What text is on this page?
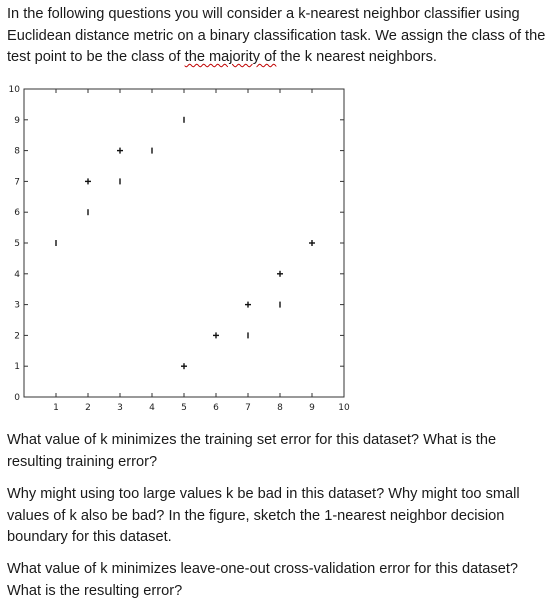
In the following questions you will consider a k-nearest neighbor classifier using Euclidean distance metric on a binary classification task. We assign the class of the test point to be the class of the majority of the k nearest neighbors.
1	2	3	4	5	6	7	8	9	10
0
1
2
3
4
5
6
7
8
9
10
What value of k minimizes the training set error for this dataset? What is the resulting training error?
Why might using too large values k be bad in this dataset? Why might too small values of k also be bad? In the figure, sketch the 1-nearest neighbor decision boundary for this dataset.
What value of k minimizes leave-one-out cross-validation error for this dataset? What is the resulting error?
